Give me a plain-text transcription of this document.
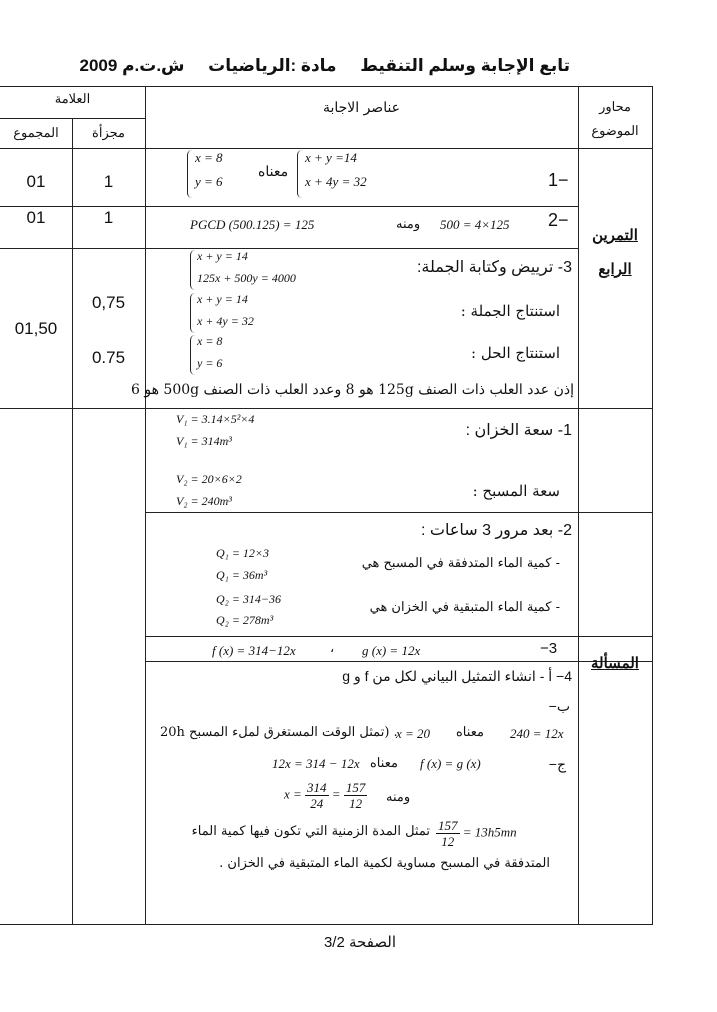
تابع الإجابة وسلم التنقيط     مادة :الرياضيات     ش.ت.م 2009
العلامة
مجزأة
المجموع
عناصر الاجابة	محاور الموضوع
التمرين
الرابع
المسألة
1
01
1
01
0,75
0.75
01,50
1−
x + y =14
x + 4y = 32
معناه
x = 8
y = 6
2−
500 = 4×125
ومنه
PGCD (500.125) = 125
3- ترييض وكتابة الجملة:
x + y = 14
125x + 500y = 4000
استنتاج الجملة :
x + y = 14
x + 4y = 32
استنتاج الحل :
x = 8
y = 6
إذن عدد العلب ذات الصنف 125g هو 8 وعدد العلب ذات الصنف 500g هو 6
1- سعة الخزان :
V₁ = 3.14×5²×4
V₁ = 314m³
سعة المسبح :
V₂ = 20×6×2
V₂ = 240m³
2- بعد مرور 3 ساعات :
- كمية الماء المتدفقة في المسبح هي
Q₁ = 12×3
Q₁ = 36m³
- كمية الماء المتبقية في الخزان هي
Q₂ = 314−36
Q₂ = 278m³
−3
g (x) = 12x
،
f (x) = 314−12x
4− أ - انشاء التمثيل البياني لكل من f و g
ب−
240 = 12x
معناه
x = 20
20h تمثل الوقت المستغرق لملء المسبح) .
ج−
f (x) = g (x)
معناه
12x = 314 − 12x
ومنه
$x = \frac{314}{24} = \frac{157}{12}$
$\frac{157}{12} = 13h5mn$
تمثل المدة الزمنية التي تكون فيها كمية الماء
المتدفقة في المسبح مساوية لكمية الماء المتبقية في الخزان .
الصفحة 3/2
